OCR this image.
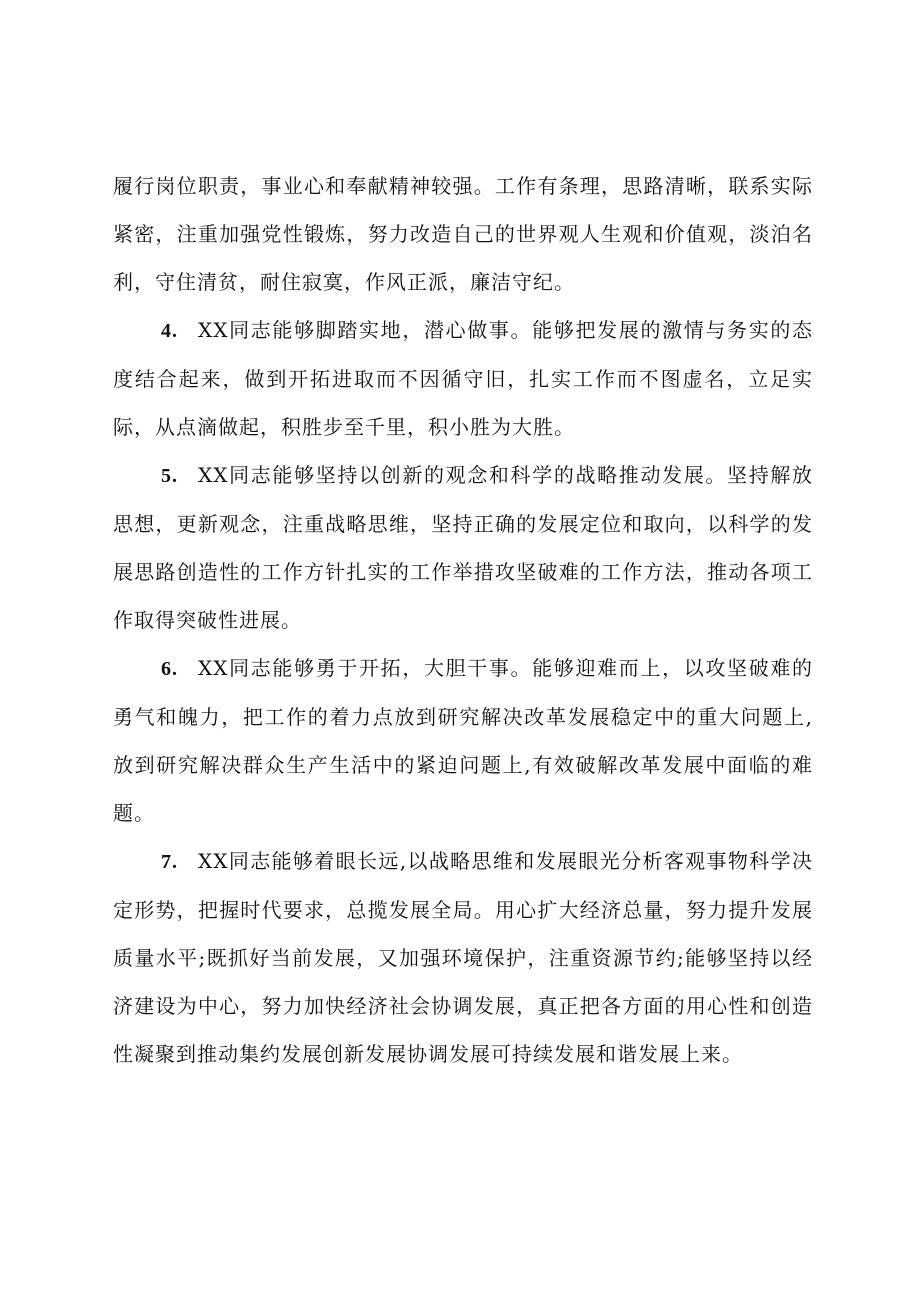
履行岗位职责，事业心和奉献精神较强。工作有条理，思路清晰，联系实际紧密，注重加强党性锻炼，努力改造自己的世界观人生观和价值观，淡泊名利，守住清贫，耐住寂寞，作风正派，廉洁守纪。

4. XX同志能够脚踏实地，潜心做事。能够把发展的激情与务实的态度结合起来，做到开拓进取而不因循守旧，扎实工作而不图虚名，立足实际，从点滴做起，积胜步至千里，积小胜为大胜。

5. XX同志能够坚持以创新的观念和科学的战略推动发展。坚持解放思想，更新观念，注重战略思维，坚持正确的发展定位和取向，以科学的发展思路创造性的工作方针扎实的工作举措攻坚破难的工作方法，推动各项工作取得突破性进展。

6. XX同志能够勇于开拓，大胆干事。能够迎难而上，以攻坚破难的勇气和魄力，把工作的着力点放到研究解决改革发展稳定中的重大问题上,放到研究解决群众生产生活中的紧迫问题上,有效破解改革发展中面临的难题。

7. XX同志能够着眼长远,以战略思维和发展眼光分析客观事物科学决定形势，把握时代要求，总揽发展全局。用心扩大经济总量，努力提升发展质量水平;既抓好当前发展，又加强环境保护，注重资源节约;能够坚持以经济建设为中心，努力加快经济社会协调发展，真正把各方面的用心性和创造性凝聚到推动集约发展创新发展协调发展可持续发展和谐发展上来。
